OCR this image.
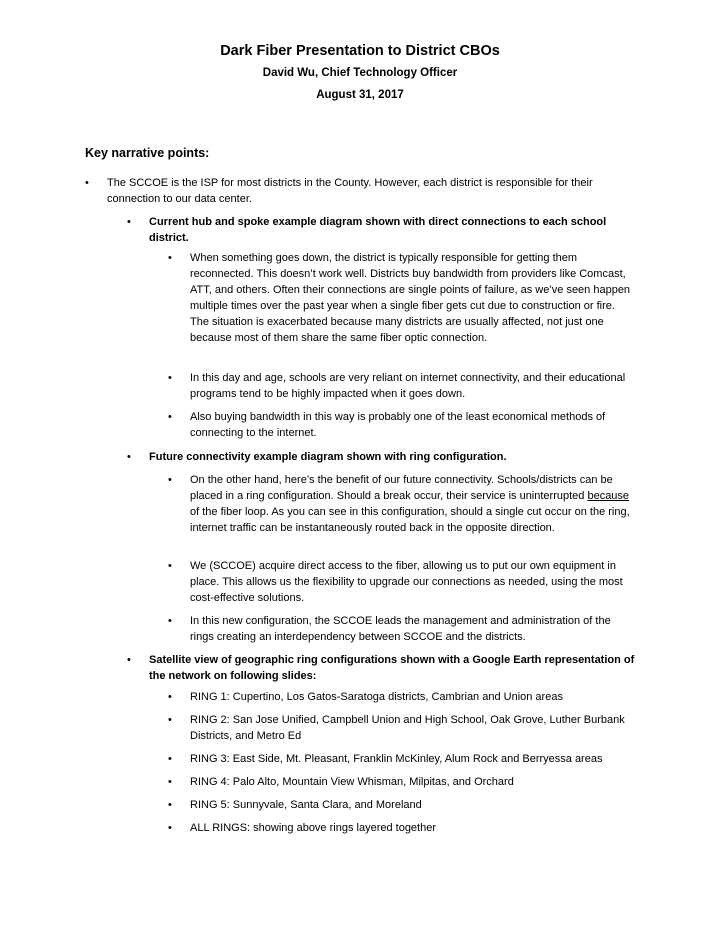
Dark Fiber Presentation to District CBOs
David Wu, Chief Technology Officer
August 31, 2017
Key narrative points:
•	The SCCOE is the ISP for most districts in the County. However, each district is responsible for their connection to our data center.
•	Current hub and spoke example diagram shown with direct connections to each school district.
•	When something goes down, the district is typically responsible for getting them reconnected. This doesn’t work well. Districts buy bandwidth from providers like Comcast, ATT, and others. Often their connections are single points of failure, as we’ve seen happen multiple times over the past year when a single fiber gets cut due to construction or fire. The situation is exacerbated because many districts are usually affected, not just one because most of them share the same fiber optic connection.
•	In this day and age, schools are very reliant on internet connectivity, and their educational programs tend to be highly impacted when it goes down.
•	Also buying bandwidth in this way is probably one of the least economical methods of connecting to the internet.
•	Future connectivity example diagram shown with ring configuration.
•	On the other hand, here’s the benefit of our future connectivity. Schools/districts can be placed in a ring configuration. Should a break occur, their service is uninterrupted because of the fiber loop. As you can see in this configuration, should a single cut occur on the ring, internet traffic can be instantaneously routed back in the opposite direction.
•	We (SCCOE) acquire direct access to the fiber, allowing us to put our own equipment in place. This allows us the flexibility to upgrade our connections as needed, using the most cost-effective solutions.
•	In this new configuration, the SCCOE leads the management and administration of the rings creating an interdependency between SCCOE and the districts.
•	Satellite view of geographic ring configurations shown with a Google Earth representation of the network on following slides:
•	RING 1: Cupertino, Los Gatos-Saratoga districts, Cambrian and Union areas
•	RING 2: San Jose Unified, Campbell Union and High School, Oak Grove, Luther Burbank Districts, and Metro Ed
•	RING 3: East Side, Mt. Pleasant, Franklin McKinley, Alum Rock and Berryessa areas
•	RING 4: Palo Alto, Mountain View Whisman, Milpitas, and Orchard
•	RING 5: Sunnyvale, Santa Clara, and Moreland
•	ALL RINGS: showing above rings layered together
